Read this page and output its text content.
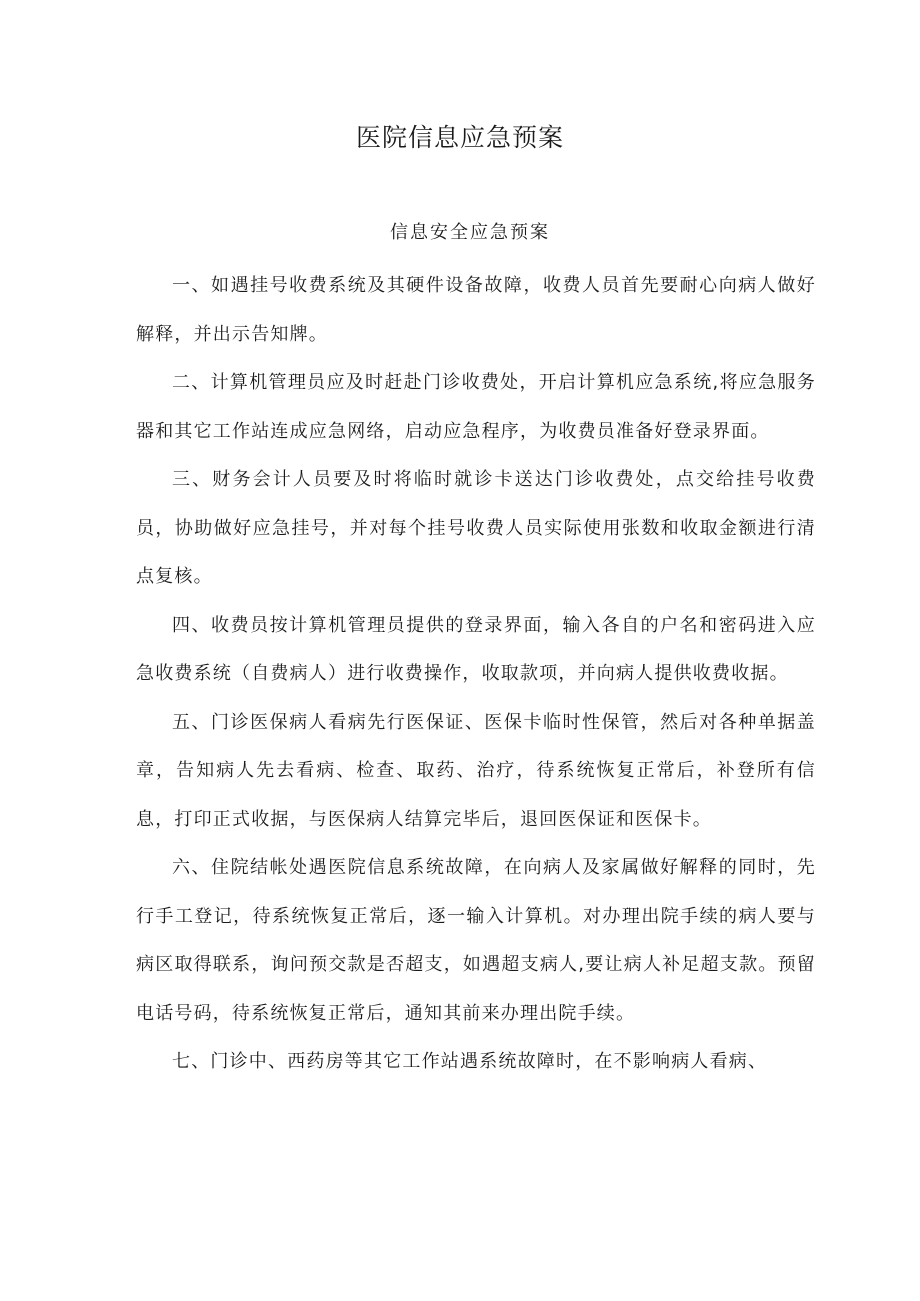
医院信息应急预案
信息安全应急预案

一、如遇挂号收费系统及其硬件设备故障，收费人员首先要耐心向病人做好解释，并出示告知牌。

二、计算机管理员应及时赶赴门诊收费处，开启计算机应急系统,将应急服务器和其它工作站连成应急网络，启动应急程序，为收费员准备好登录界面。

三、财务会计人员要及时将临时就诊卡送达门诊收费处，点交给挂号收费员，协助做好应急挂号，并对每个挂号收费人员实际使用张数和收取金额进行清点复核。

四、收费员按计算机管理员提供的登录界面，输入各自的户名和密码进入应急收费系统（自费病人）进行收费操作，收取款项，并向病人提供收费收据。

五、门诊医保病人看病先行医保证、医保卡临时性保管，然后对各种单据盖章，告知病人先去看病、检查、取药、治疗，待系统恢复正常后，补登所有信息，打印正式收据，与医保病人结算完毕后，退回医保证和医保卡。

六、住院结帐处遇医院信息系统故障，在向病人及家属做好解释的同时，先行手工登记，待系统恢复正常后，逐一输入计算机。对办理出院手续的病人要与病区取得联系，询问预交款是否超支，如遇超支病人,要让病人补足超支款。预留电话号码，待系统恢复正常后，通知其前来办理出院手续。

七、门诊中、西药房等其它工作站遇系统故障时，在不影响病人看病、
